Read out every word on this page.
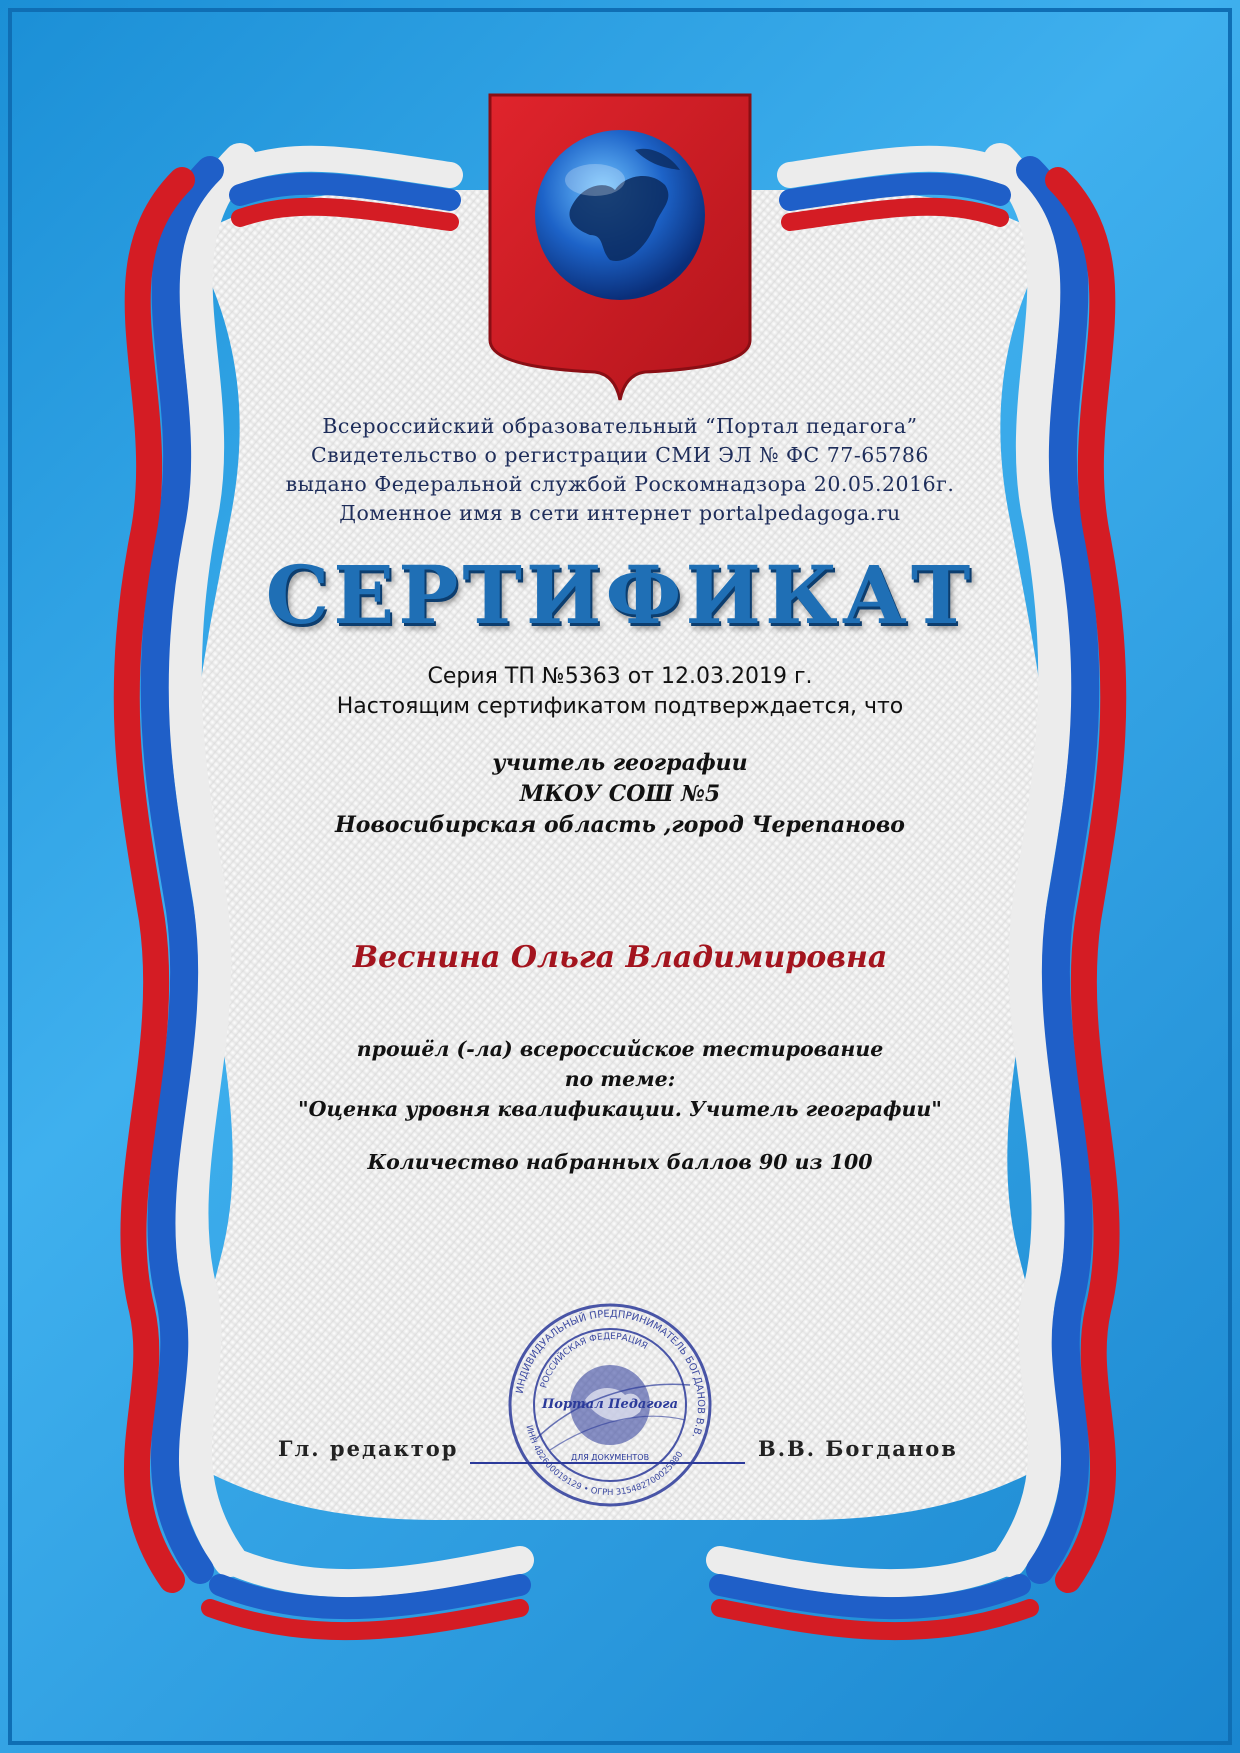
Всероссийский образовательный “Портал педагога”
Свидетельство о регистрации СМИ ЭЛ № ФС 77-65786
выдано Федеральной службой Роскомнадзора 20.05.2016г.
Доменное имя в сети интернет portalpedagoga.ru
СЕРТИФИКАТ
Серия ТП №5363 от 12.03.2019 г.
Настоящим сертификатом подтверждается, что
учитель географии
МКОУ СОШ №5
Новосибирская область ,город Черепаново
Веснина Ольга Владимировна
прошёл (-ла) всероссийское тестирование
по теме:
"Оценка уровня квалификации. Учитель географии"
Количество набранных баллов 90 из 100
ИНДИВИДУАЛЬНЫЙ ПРЕДПРИНИМАТЕЛЬ БОГДАНОВ В.В.
РОССИЙСКАЯ ФЕДЕРАЦИЯ
ИНН 482600019129 • ОГРН 315482700025080
Портал Педагога
ДЛЯ ДОКУМЕНТОВ
Гл. редактор	В.В. Богданов
